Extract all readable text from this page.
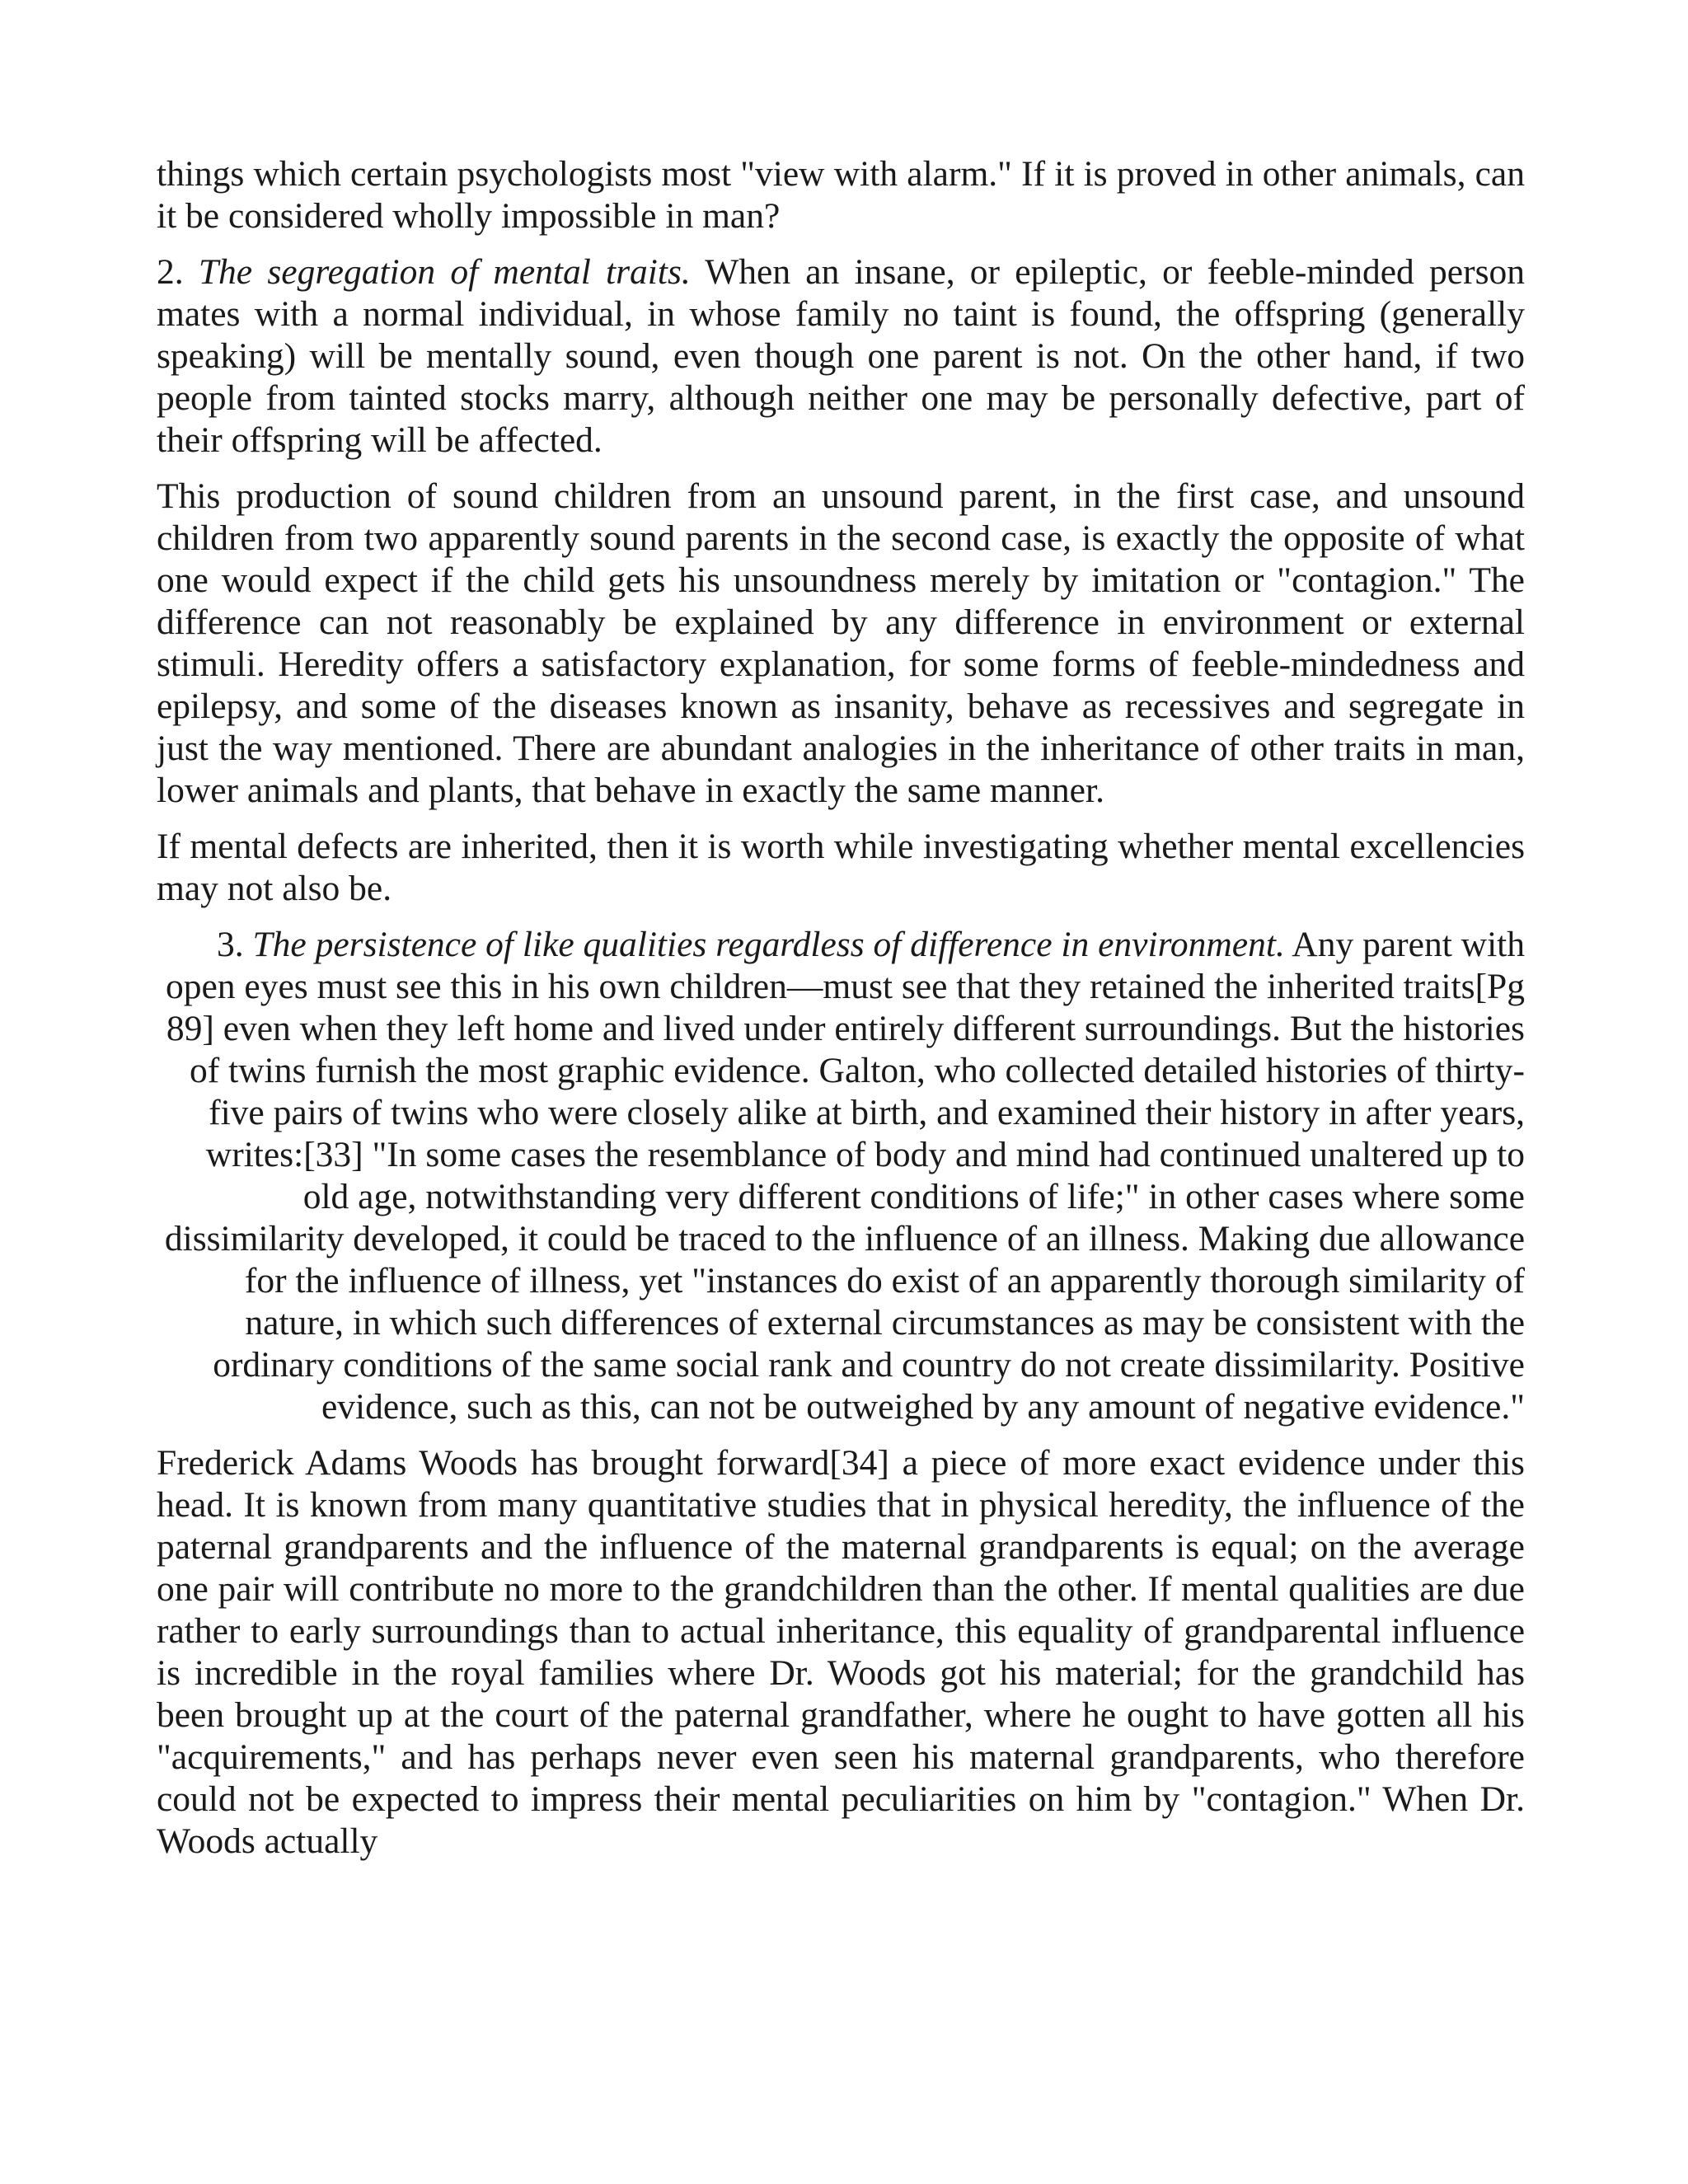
things which certain psychologists most "view with alarm." If it is proved in other animals, can it be considered wholly impossible in man?

2. The segregation of mental traits. When an insane, or epileptic, or feeble-minded person mates with a normal individual, in whose family no taint is found, the offspring (generally speaking) will be mentally sound, even though one parent is not. On the other hand, if two people from tainted stocks marry, although neither one may be personally defective, part of their offspring will be affected.

This production of sound children from an unsound parent, in the first case, and unsound children from two apparently sound parents in the second case, is exactly the opposite of what one would expect if the child gets his unsoundness merely by imitation or "contagion." The difference can not reasonably be explained by any difference in environment or external stimuli. Heredity offers a satisfactory explanation, for some forms of feeble-mindedness and epilepsy, and some of the diseases known as insanity, behave as recessives and segregate in just the way mentioned. There are abundant analogies in the inheritance of other traits in man, lower animals and plants, that behave in exactly the same manner.

If mental defects are inherited, then it is worth while investigating whether mental excellencies may not also be.

3. The persistence of like qualities regardless of difference in environment. Any parent with open eyes must see this in his own children—must see that they retained the inherited traits[Pg 89] even when they left home and lived under entirely different surroundings. But the histories of twins furnish the most graphic evidence. Galton, who collected detailed histories of thirty-five pairs of twins who were closely alike at birth, and examined their history in after years, writes:[33] "In some cases the resemblance of body and mind had continued unaltered up to old age, notwithstanding very different conditions of life;" in other cases where some dissimilarity developed, it could be traced to the influence of an illness. Making due allowance for the influence of illness, yet "instances do exist of an apparently thorough similarity of nature, in which such differences of external circumstances as may be consistent with the ordinary conditions of the same social rank and country do not create dissimilarity. Positive evidence, such as this, can not be outweighed by any amount of negative evidence."

Frederick Adams Woods has brought forward[34] a piece of more exact evidence under this head. It is known from many quantitative studies that in physical heredity, the influence of the paternal grandparents and the influence of the maternal grandparents is equal; on the average one pair will contribute no more to the grandchildren than the other. If mental qualities are due rather to early surroundings than to actual inheritance, this equality of grandparental influence is incredible in the royal families where Dr. Woods got his material; for the grandchild has been brought up at the court of the paternal grandfather, where he ought to have gotten all his "acquirements," and has perhaps never even seen his maternal grandparents, who therefore could not be expected to impress their mental peculiarities on him by "contagion." When Dr. Woods actually
